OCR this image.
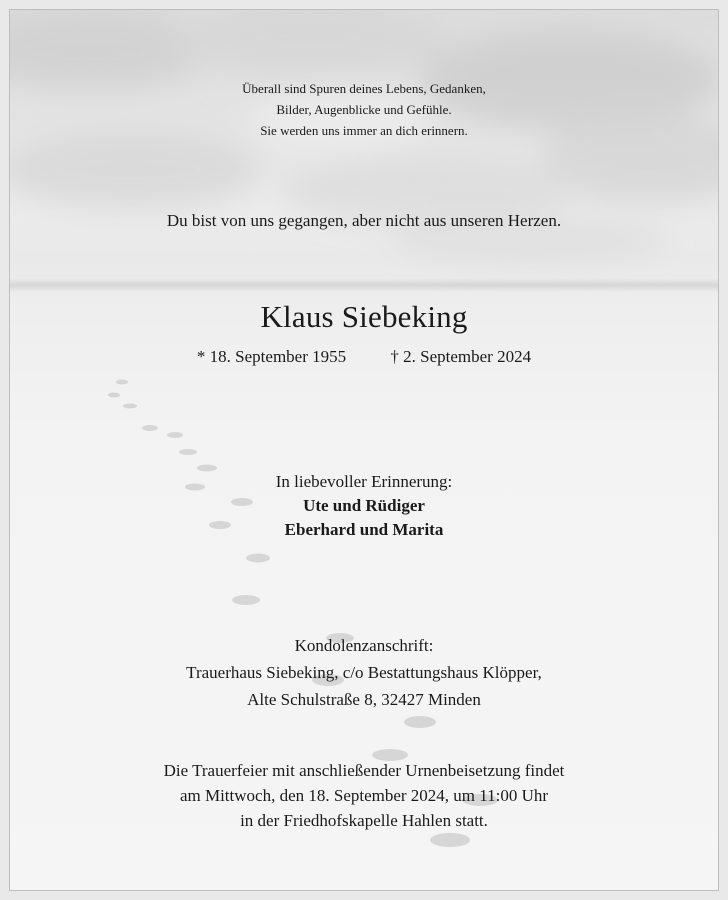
Überall sind Spuren deines Lebens, Gedanken,
Bilder, Augenblicke und Gefühle.
Sie werden uns immer an dich erinnern.

Du bist von uns gegangen, aber nicht aus unseren Herzen.

Klaus Siebeking

* 18. September 1955	† 2. September 2024

In liebevoller Erinnerung:
Ute und Rüdiger
Eberhard und Marita

Kondolenzanschrift:
Trauerhaus Siebeking, c/o Bestattungshaus Klöpper,
Alte Schulstraße 8, 32427 Minden

Die Trauerfeier mit anschließender Urnenbeisetzung findet
am Mittwoch, den 18. September 2024, um 11:00 Uhr
in der Friedhofskapelle Hahlen statt.
